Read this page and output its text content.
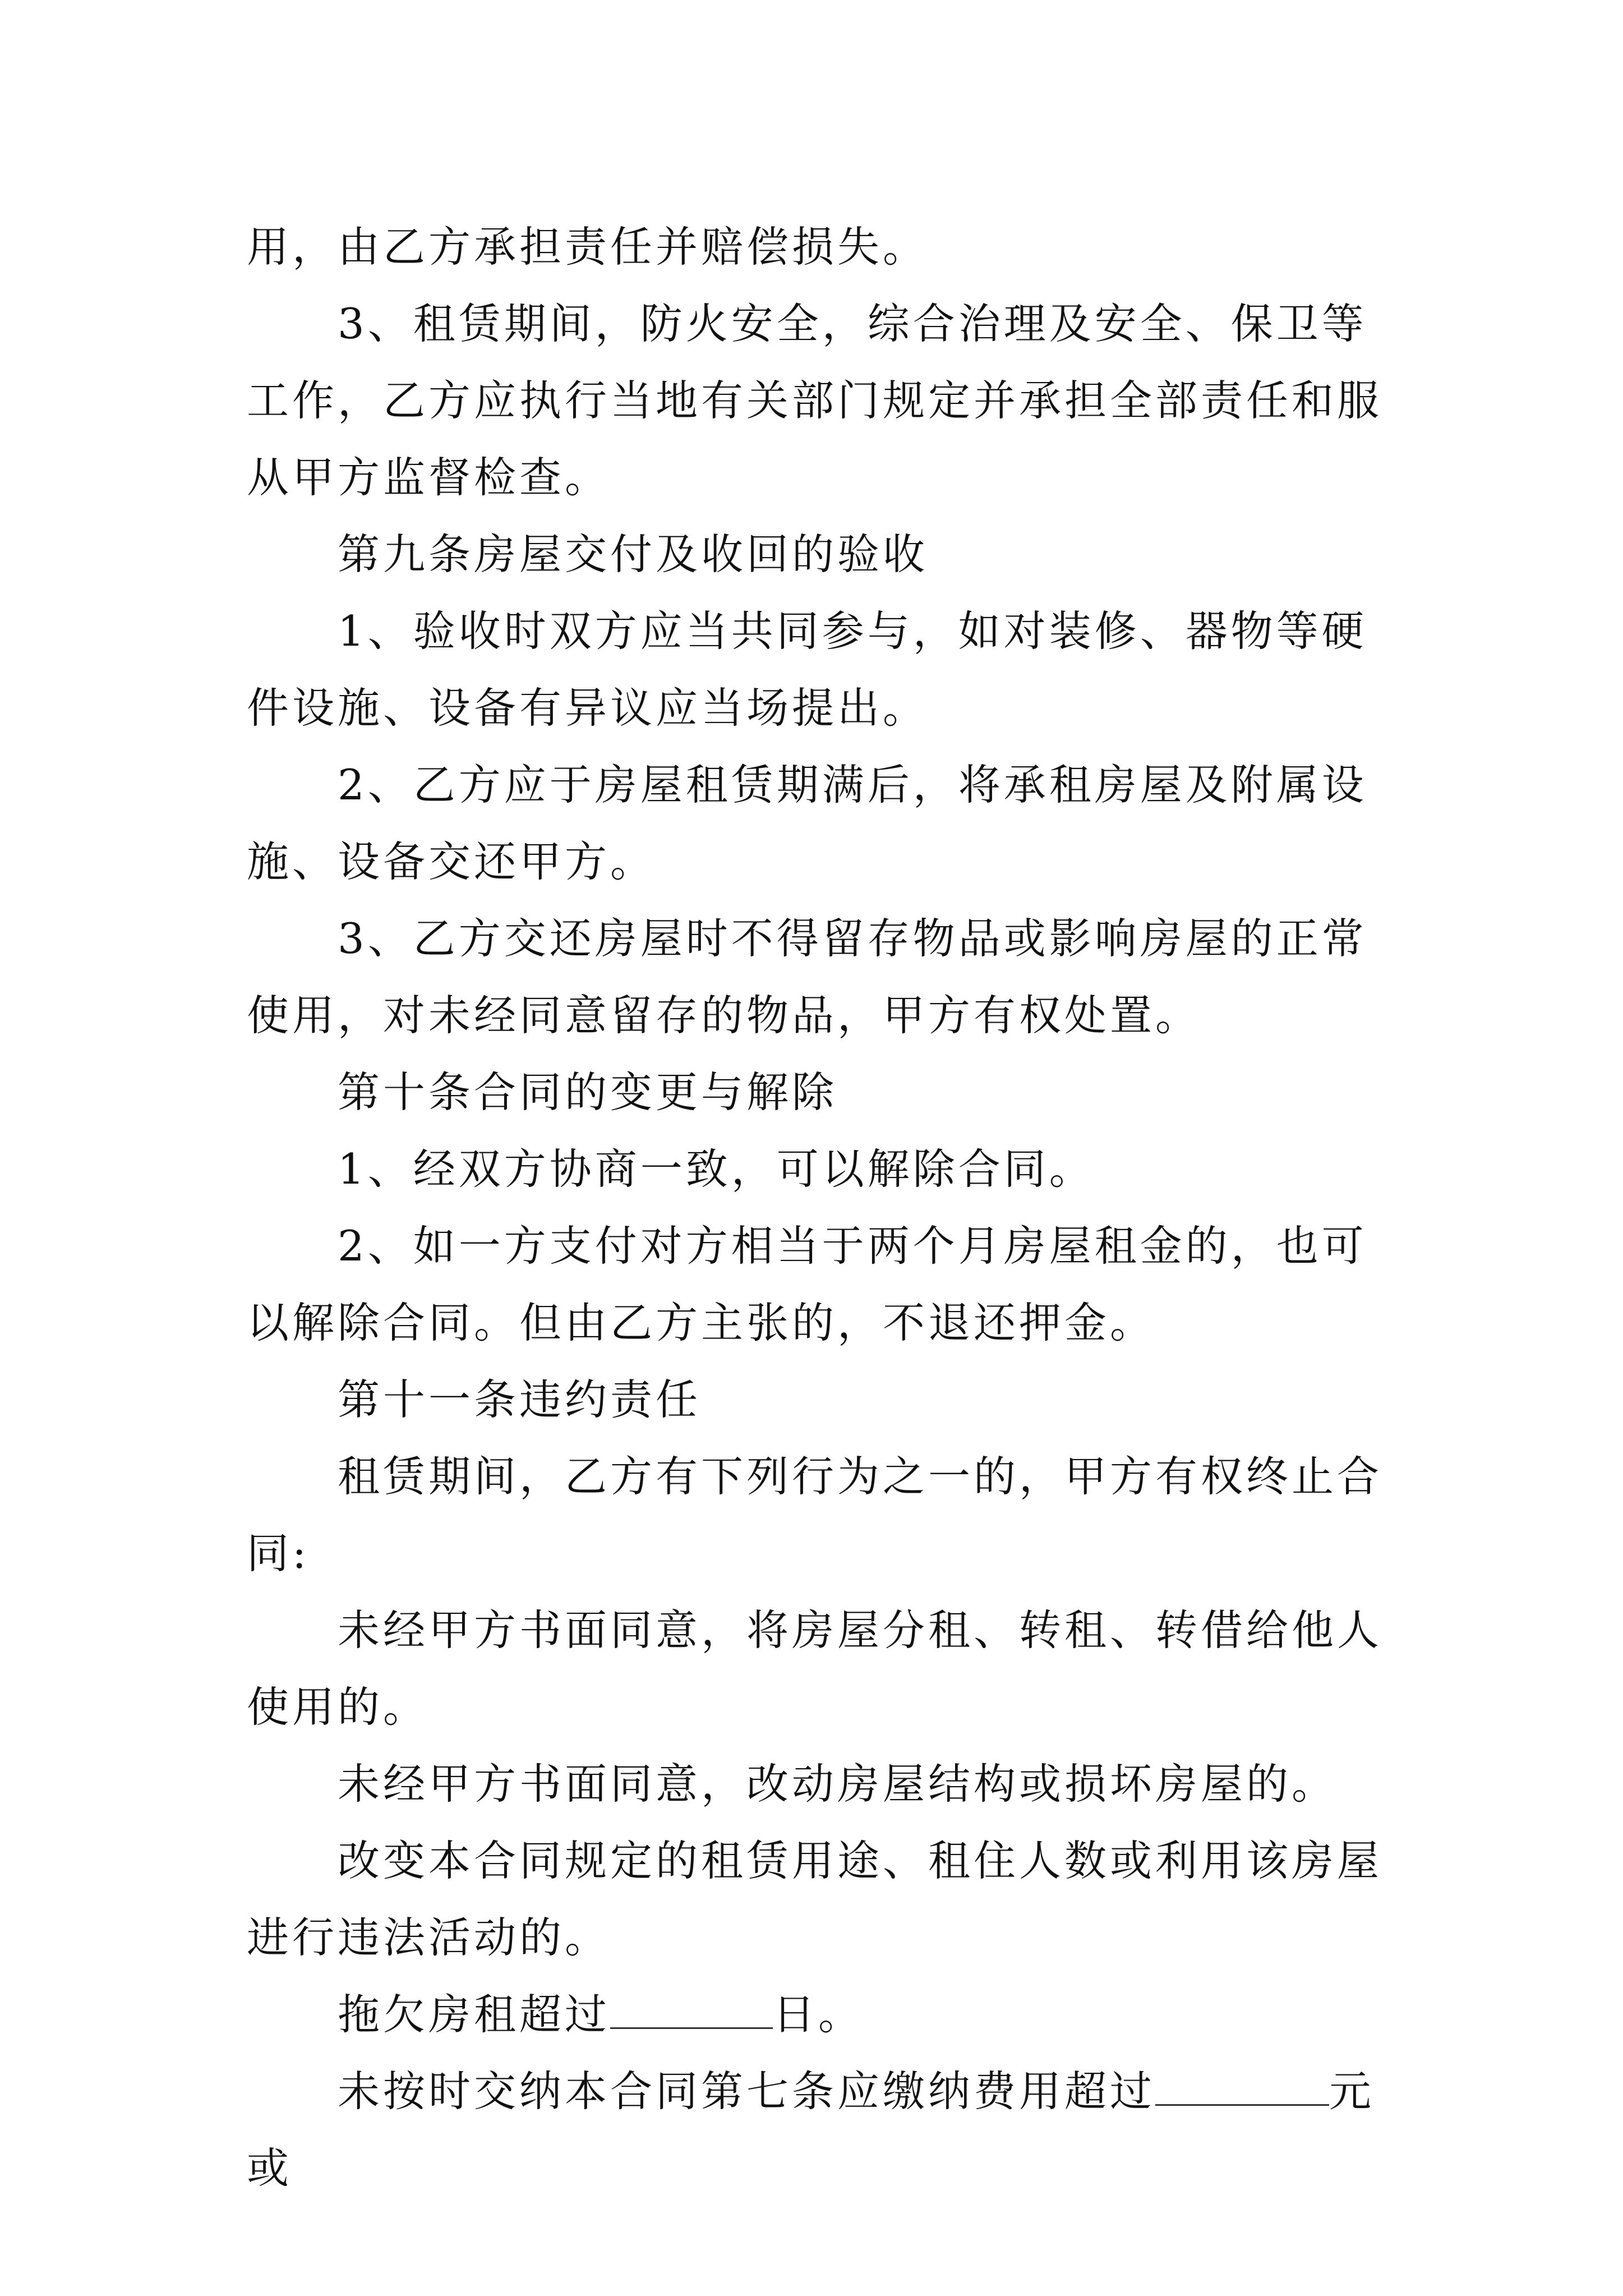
用，由乙方承担责任并赔偿损失。

3、租赁期间，防火安全，综合治理及安全、保卫等工作，乙方应执行当地有关部门规定并承担全部责任和服从甲方监督检查。

第九条房屋交付及收回的验收

1、验收时双方应当共同参与，如对装修、器物等硬件设施、设备有异议应当场提出。

2、乙方应于房屋租赁期满后，将承租房屋及附属设施、设备交还甲方。

3、乙方交还房屋时不得留存物品或影响房屋的正常使用，对未经同意留存的物品，甲方有权处置。

第十条合同的变更与解除

1、经双方协商一致，可以解除合同。

2、如一方支付对方相当于两个月房屋租金的，也可以解除合同。但由乙方主张的，不退还押金。

第十一条违约责任

租赁期间，乙方有下列行为之一的，甲方有权终止合同:

未经甲方书面同意，将房屋分租、转租、转借给他人使用的。

未经甲方书面同意，改动房屋结构或损坏房屋的。

改变本合同规定的租赁用途、租住人数或利用该房屋进行违法活动的。

拖欠房租超过	日。

未按时交纳本合同第七条应缴纳费用超过	元或
